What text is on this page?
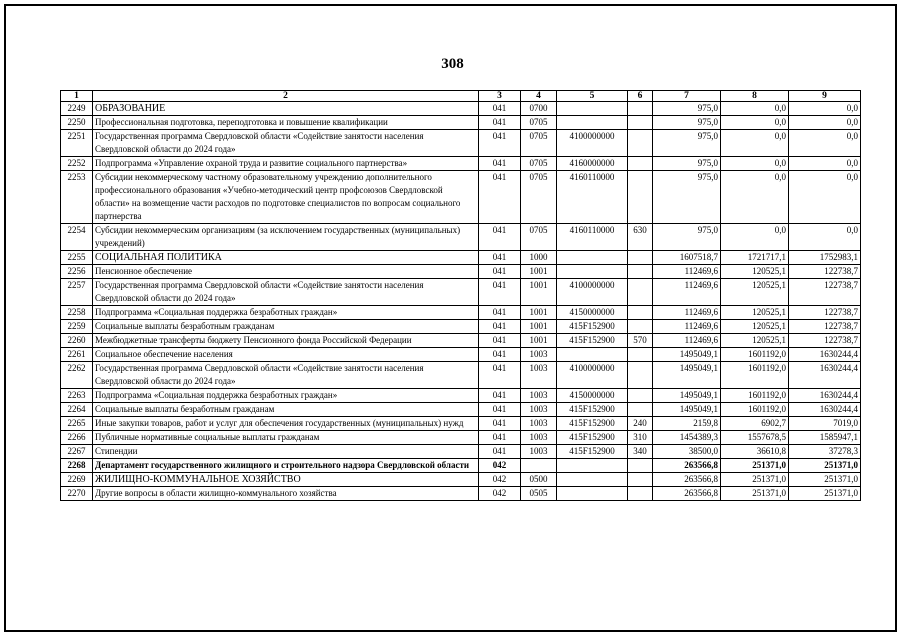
308
1	2	3	4	5	6	7	8	9
2249	ОБРАЗОВАНИЕ	041	0700			975,0	0,0	0,0
2250	Профессиональная подготовка, переподготовка и повышение квалификации	041	0705			975,0	0,0	0,0
2251	Государственная программа Свердловской области «Содействие занятости населения Свердловской области до 2024 года»	041	0705	4100000000		975,0	0,0	0,0
2252	Подпрограмма «Управление охраной труда и развитие социального партнерства»	041	0705	4160000000		975,0	0,0	0,0
2253	Субсидии некоммерческому частному образовательному учреждению дополнительного профессионального образования «Учебно-методический центр профсоюзов Свердловской области» на возмещение части расходов по подготовке специалистов по вопросам социального партнерства	041	0705	4160110000		975,0	0,0	0,0
2254	Субсидии некоммерческим организациям (за исключением государственных (муниципальных) учреждений)	041	0705	4160110000	630	975,0	0,0	0,0
2255	СОЦИАЛЬНАЯ ПОЛИТИКА	041	1000			1607518,7	1721717,1	1752983,1
2256	Пенсионное обеспечение	041	1001			112469,6	120525,1	122738,7
2257	Государственная программа Свердловской области «Содействие занятости населения Свердловской области до 2024 года»	041	1001	4100000000		112469,6	120525,1	122738,7
2258	Подпрограмма «Социальная поддержка безработных граждан»	041	1001	4150000000		112469,6	120525,1	122738,7
2259	Социальные выплаты безработным гражданам	041	1001	415F152900		112469,6	120525,1	122738,7
2260	Межбюджетные трансферты бюджету Пенсионного фонда Российской Федерации	041	1001	415F152900	570	112469,6	120525,1	122738,7
2261	Социальное обеспечение населения	041	1003			1495049,1	1601192,0	1630244,4
2262	Государственная программа Свердловской области «Содействие занятости населения Свердловской области до 2024 года»	041	1003	4100000000		1495049,1	1601192,0	1630244,4
2263	Подпрограмма «Социальная поддержка безработных граждан»	041	1003	4150000000		1495049,1	1601192,0	1630244,4
2264	Социальные выплаты безработным гражданам	041	1003	415F152900		1495049,1	1601192,0	1630244,4
2265	Иные закупки товаров, работ и услуг для обеспечения государственных (муниципальных) нужд	041	1003	415F152900	240	2159,8	6902,7	7019,0
2266	Публичные нормативные социальные выплаты гражданам	041	1003	415F152900	310	1454389,3	1557678,5	1585947,1
2267	Стипендии	041	1003	415F152900	340	38500,0	36610,8	37278,3
2268	Департамент государственного жилищного и строительного надзора Свердловской области	042				263566,8	251371,0	251371,0
2269	ЖИЛИЩНО-КОММУНАЛЬНОЕ ХОЗЯЙСТВО	042	0500			263566,8	251371,0	251371,0
2270	Другие вопросы в области жилищно-коммунального хозяйства	042	0505			263566,8	251371,0	251371,0
